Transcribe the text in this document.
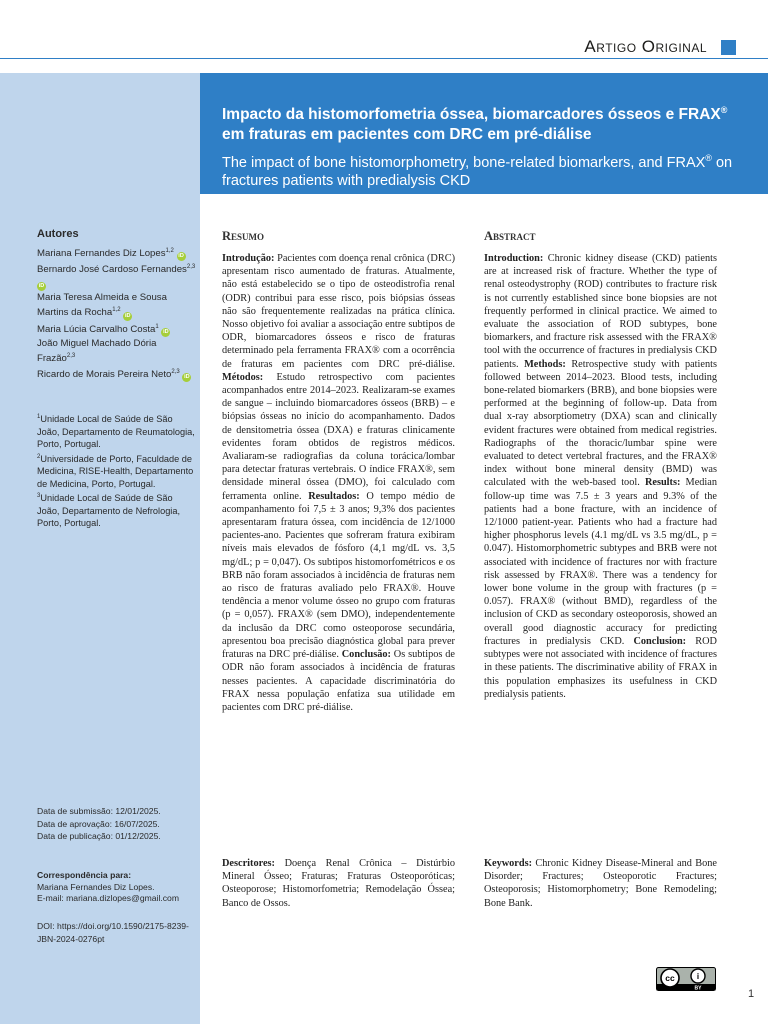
Artigo Original
Impacto da histomorfometria óssea, biomarcadores ósseos e FRAX® em fraturas em pacientes com DRC em pré-diálise
The impact of bone histomorphometry, bone-related biomarkers, and FRAX® on fractures patients with predialysis CKD
Autores
Mariana Fernandes Diz Lopes$^{1,2}$ iD
Bernardo José Cardoso Fernandes$^{2,3}$ iD
Maria Teresa Almeida e Sousa Martins da Rocha$^{1,2}$ iD
Maria Lúcia Carvalho Costa$^1$ iD
João Miguel Machado Dória Frazão$^{2,3}$
Ricardo de Morais Pereira Neto$^{2,3}$ iD
$^1$Unidade Local de Saúde de São João, Departamento de Reumatologia, Porto, Portugal.
$^2$Universidade de Porto, Faculdade de Medicina, RISE-Health, Departamento de Medicina, Porto, Portugal.
$^3$Unidade Local de Saúde de São João, Departamento de Nefrologia, Porto, Portugal.
Data de submissão: 12/01/2025.
Data de aprovação: 16/07/2025.
Data de publicação: 01/12/2025.
Correspondência para:
Mariana Fernandes Diz Lopes.
E-mail: mariana.dizlopes@gmail.com
DOI: https://doi.org/10.1590/2175-8239-JBN-2024-0276pt
Resumo	Abstract
Introdução: Pacientes com doença renal crônica (DRC) apresentam risco aumentado de fraturas. Atualmente, não está estabelecido se o tipo de osteodistrofia renal (ODR) contribui para esse risco, pois biópsias ósseas não são frequentemente realizadas na prática clínica. Nosso objetivo foi avaliar a associação entre subtipos de ODR, biomarcadores ósseos e risco de fraturas determinado pela ferramenta FRAX® com a ocorrência de fraturas em pacientes com DRC pré-diálise. Métodos: Estudo retrospectivo com pacientes acompanhados entre 2014–2023. Realizaram-se exames de sangue – incluindo biomarcadores ósseos (BRB) – e biópsias ósseas no início do acompanhamento. Dados de densitometria óssea (DXA) e fraturas clinicamente evidentes foram obtidos de registros médicos. Avaliaram-se radiografias da coluna torácica/lombar para detectar fraturas vertebrais. O índice FRAX®, sem densidade mineral óssea (DMO), foi calculado com ferramenta online. Resultados: O tempo médio de acompanhamento foi 7,5 ± 3 anos; 9,3% dos pacientes apresentaram fratura óssea, com incidência de 12/1000 pacientes-ano. Pacientes que sofreram fratura exibiram níveis mais elevados de fósforo (4,1 mg/dL vs. 3,5 mg/dL; p = 0,047). Os subtipos histomorfométricos e os BRB não foram associados à incidência de fraturas nem ao risco de fraturas avaliado pelo FRAX®. Houve tendência a menor volume ósseo no grupo com fraturas (p = 0,057). FRAX® (sem DMO), independentemente da inclusão da DRC como osteoporose secundária, apresentou boa precisão diagnóstica global para prever fraturas na DRC pré-diálise. Conclusão: Os subtipos de ODR não foram associados à incidência de fraturas nesses pacientes. A capacidade discriminatória do FRAX nessa população enfatiza sua utilidade em pacientes com DRC pré-diálise.
Introduction: Chronic kidney disease (CKD) patients are at increased risk of fracture. Whether the type of renal osteodystrophy (ROD) contributes to fracture risk is not currently established since bone biopsies are not frequently performed in clinical practice. We aimed to evaluate the association of ROD subtypes, bone biomarkers, and fracture risk assessed with the FRAX® tool with the occurrence of fractures in predialysis CKD patients. Methods: Retrospective study with patients followed between 2014–2023. Blood tests, including bone-related biomarkers (BRB), and bone biopsies were performed at the beginning of follow-up. Data from dual x-ray absorptiometry (DXA) scan and clinically evident fractures were obtained from medical registries. Radiographs of the thoracic/lumbar spine were evaluated to detect vertebral fractures, and the FRAX® index without bone mineral density (BMD) was calculated with the web-based tool. Results: Median follow-up time was 7.5 ± 3 years and 9.3% of the patients had a bone fracture, with an incidence of 12/1000 patient-year. Patients who had a fracture had higher phosphorus levels (4.1 mg/dL vs 3.5 mg/dL, p = 0.047). Histomorphometric subtypes and BRB were not associated with incidence of fractures nor with fracture risk assessed by FRAX®. There was a tendency for lower bone volume in the group with fractures (p = 0.057). FRAX® (without BMD), regardless of the inclusion of CKD as secondary osteoporosis, showed an overall good diagnostic accuracy for predicting fractures in predialysis CKD. Conclusion: ROD subtypes were not associated with incidence of fractures in these patients. The discriminative ability of FRAX in this population emphasizes its usefulness in CKD predialysis patients.
Descritores: Doença Renal Crônica – Distúrbio Mineral Ósseo; Fraturas; Fraturas Osteoporóticas; Osteoporose; Histomorfometria; Remodelação Óssea; Banco de Ossos.
Keywords: Chronic Kidney Disease-Mineral and Bone Disorder; Fractures; Osteoporotic Fractures; Osteoporosis; Histomorphometry; Bone Remodeling; Bone Bank.
cc	i
BY	1
